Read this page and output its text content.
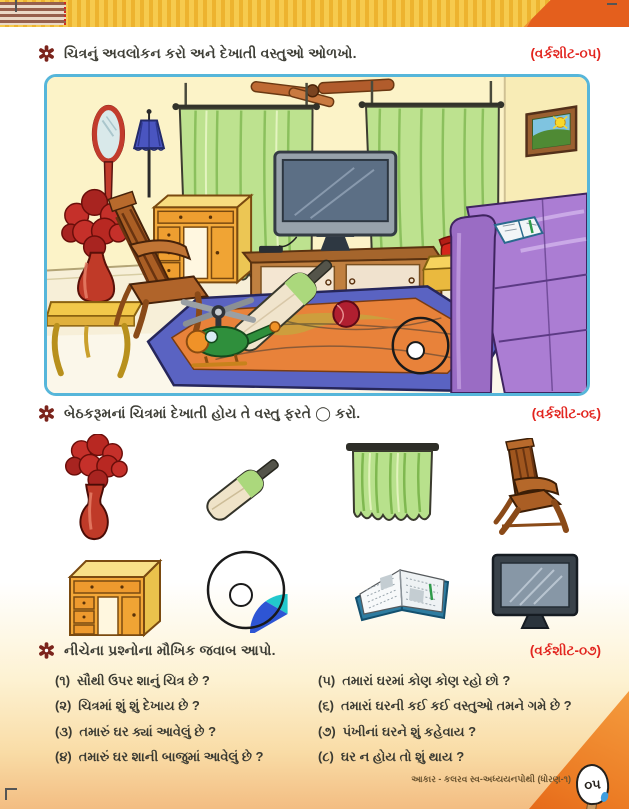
ચિત્રનું અવલોકન કરો અને દેખાતી વસ્તુઓ ઓળખો.	(વર્કશીટ-૦૫)
બેઠકરૂમનાં ચિત્રમાં દેખાતી હોય તે વસ્તુ ફરતે ◯ કરો.	(વર્કશીટ-૦૬)
નીચેના પ્રશ્નોના મૌખિક જવાબ આપો.	(વર્કશીટ-૦૭)
(૧) સૌથી ઉપર શાનું ચિત્ર છે ?
(૨) ચિત્રમાં શું શું દેખાય છે ?
(૩) તમારું ઘર ક્યાં આવેલું છે ?
(૪) તમારું ઘર શાની બાજુમાં આવેલું છે ?
(૫) તમારાં ઘરમાં કોણ કોણ રહો છો ?
(૬) તમારાં ઘરની કઈ કઈ વસ્તુઓ તમને ગમે છે ?
(૭) પંખીનાં ઘરને શું કહેવાય ?
(૮) ઘર ન હોય તો શું થાય ?
આકાર - કલરવ સ્વ-અધ્યયનપોથી (ધોરણ-૧) ૦૫
